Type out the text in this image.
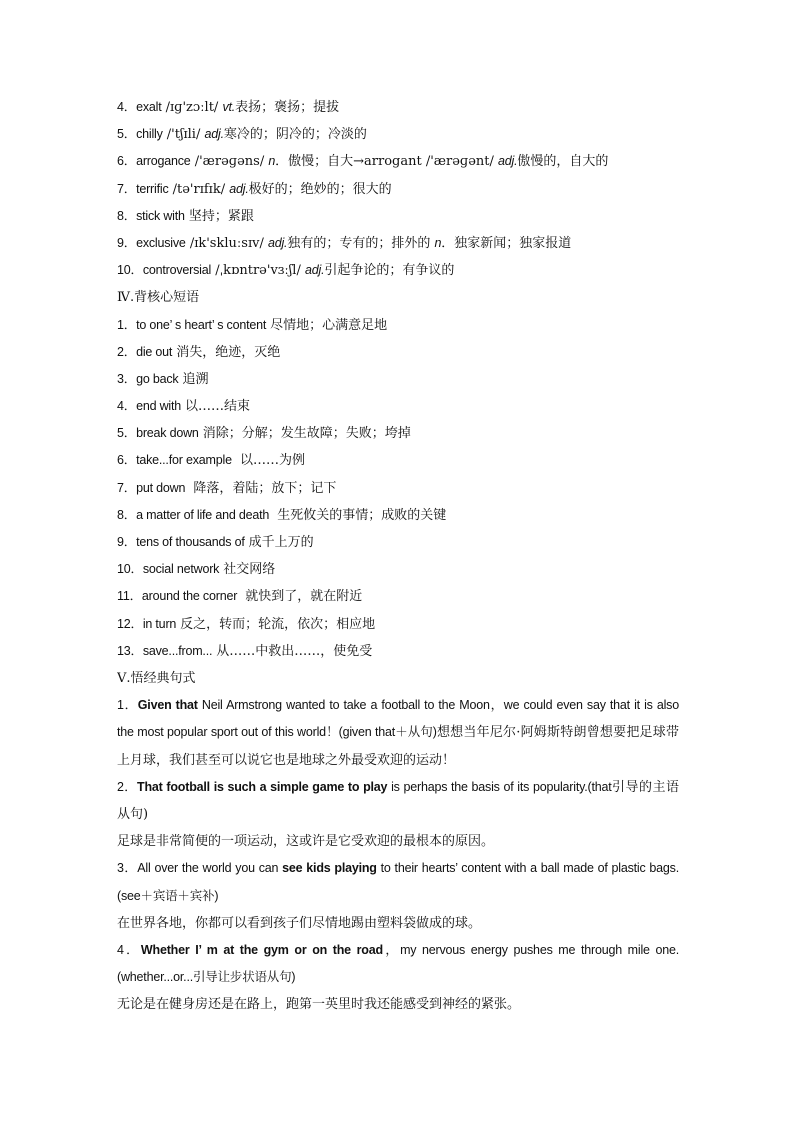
4．exalt /ɪɡ'zɔːlt/ vt.表扬；褒扬；提拔
5．chilly /'tʃɪli/ adj.寒冷的；阴冷的；冷淡的
6．arrogance /'ærəɡəns/ n．傲慢；自大→arrogant /'ærəɡənt/ adj.傲慢的，自大的
7．terrific /tə'rɪfɪk/ adj.极好的；绝妙的；很大的
8．stick with 坚持；紧跟
9．exclusive /ɪk'skluːsɪv/ adj.独有的；专有的；排外的 n．独家新闻；独家报道
10．controversial /ˌkɒntrə'vɜːʃl/ adj.引起争论的；有争议的
Ⅳ.背核心短语
1．to one’ s heart’ s content 尽情地；心满意足地
2．die out 消失，绝迹，灭绝
3．go back 追溯
4．end with 以……结束
5．break down 消除；分解；发生故障；失败；垮掉
6．take...for example 以……为例
7．put down 降落，着陆；放下；记下
8．a matter of life and death 生死攸关的事情；成败的关键
9．tens of thousands of 成千上万的
10．social network 社交网络
11．around the corner 就快到了，就在附近
12．in turn 反之，转而；轮流，依次；相应地
13．save...from... 从……中救出……，使免受
Ⅴ.悟经典句式
1．Given that Neil Armstrong wanted to take a football to the Moon，we could even say that it is also the most popular sport out of this world！(given that＋从句)想想当年尼尔·阿姆斯特朗曾想要把足球带上月球，我们甚至可以说它也是地球之外最受欢迎的运动！
2．That football is such a simple game to play is perhaps the basis of its popularity.(that引导的主语从句)
足球是非常简便的一项运动，这或许是它受欢迎的最根本的原因。
3．All over the world you can see kids playing to their hearts’ content with a ball made of plastic bags.(see＋宾语＋宾补)
在世界各地，你都可以看到孩子们尽情地踢由塑料袋做成的球。
4．Whether I’ m at the gym or on the road，my nervous energy pushes me through mile one.(whether...or...引导让步状语从句)
无论是在健身房还是在路上，跑第一英里时我还能感受到神经的紧张。
